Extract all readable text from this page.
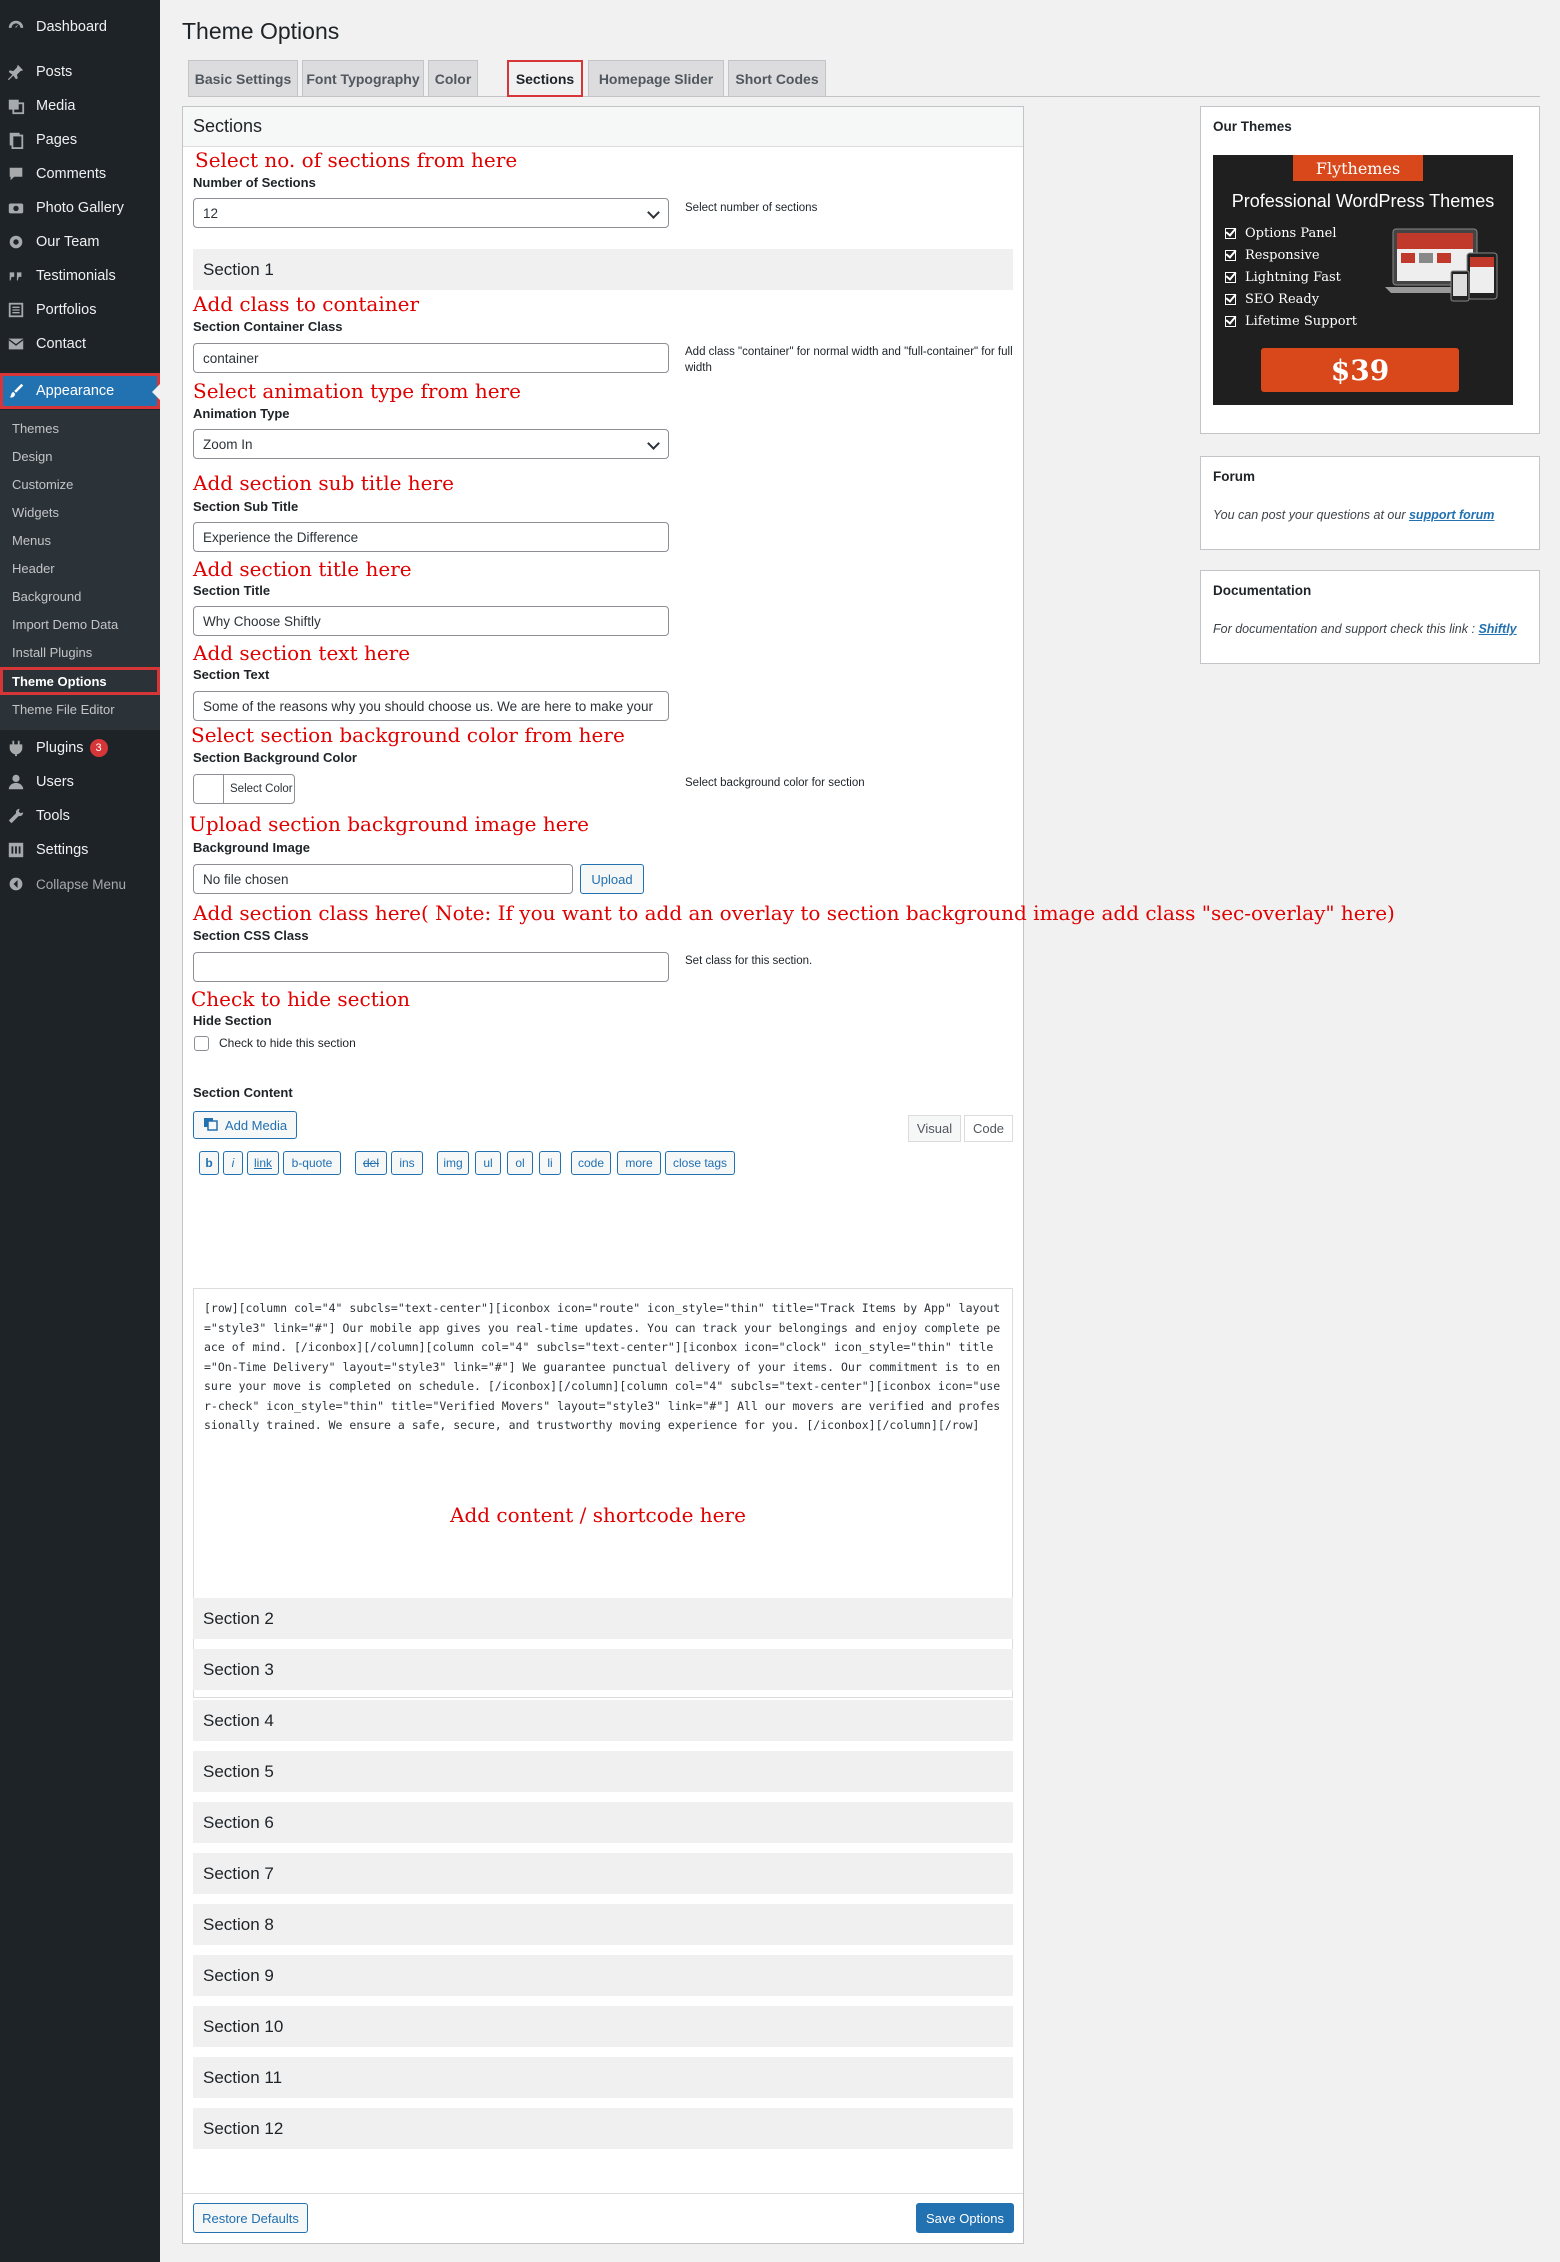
Dashboard
Posts
Media
Pages
Comments
Photo Gallery
Our Team
Testimonials
Portfolios
Contact
Appearance
Themes
Design
Customize
Widgets
Menus
Header
Background
Import Demo Data
Install Plugins
Theme Options
Theme File Editor
Plugins	3
Users
Tools
Settings
Collapse Menu
Theme Options
Basic Settings	Font Typography	Color	Sections	Homepage Slider	Short Codes
Sections
Select no. of sections from here
Number of Sections
12	Select number of sections
Section 1
Add class to container
Section Container Class
container	Add class "container" for normal width and "full-container" for full width
Select animation type from here
Animation Type
Zoom In
Add section sub title here
Section Sub Title
Experience the Difference
Add section title here
Section Title
Why Choose Shiftly
Add section text here
Section Text
Some of the reasons why you should choose us. We are here to make your
Select section background color from here
Section Background Color
Select Color	Select background color for section
Upload section background image here
Background Image
No file chosen	Upload
Add section class here( Note: If you want to add an overlay to section background image add class "sec-overlay" here)
Section CSS Class
Set class for this section.
Check to hide section
Hide Section
Check to hide this section
Section Content
Add Media	Visual	Code
b	i	link	b-quote	del	ins	img	ul	ol	li	code	more	close tags
[row][column col="4" subcls="text-center"][iconbox icon="route" icon_style="thin" title="Track Items by App" layout="style3" link="#"] Our mobile app gives you real-time updates. You can track your belongings and enjoy complete peace of mind. [/iconbox][/column][column col="4" subcls="text-center"][iconbox icon="clock" icon_style="thin" title="On-Time Delivery" layout="style3" link="#"] We guarantee punctual delivery of your items. Our commitment is to ensure your move is completed on schedule. [/iconbox][/column][column col="4" subcls="text-center"][iconbox icon="user-check" icon_style="thin" title="Verified Movers" layout="style3" link="#"] All our movers are verified and professionally trained. We ensure a safe, secure, and trustworthy moving experience for you. [/iconbox][/column][/row]
Add content / shortcode here
Section 2
Section 3
Section 4
Section 5
Section 6
Section 7
Section 8
Section 9
Section 10
Section 11
Section 12
Restore Defaults	Save Options
Our Themes
Flythemes
Professional WordPress Themes
Options Panel
Responsive
Lightning Fast
SEO Ready
Lifetime Support
$39
Forum
You can post your questions at our support forum
Documentation
For documentation and support check this link : Shiftly
